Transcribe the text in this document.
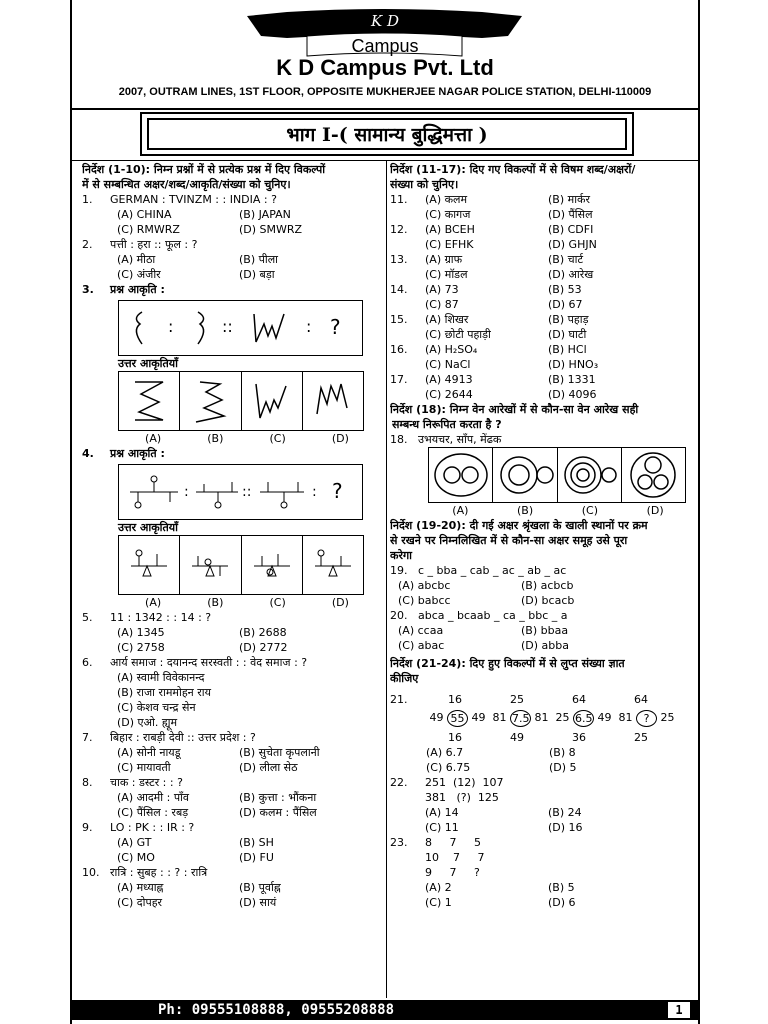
K D
Campus
K D Campus Pvt. Ltd
2007, OUTRAM LINES, 1ST FLOOR, OPPOSITE MUKHERJEE NAGAR POLICE STATION, DELHI-110009
भाग I-( सामान्य बुद्धिमत्ता )
निर्देश (1-10): निम्न प्रश्नों में से प्रत्येक प्रश्न में दिए विकल्पों
में से सम्बन्धित अक्षर/शब्द/आकृति/संख्या को चुनिए।
1.	GERMAN : TVINZM : : INDIA : ?
(A) CHINA	(B) JAPAN
(C) RMWRZ	(D) SMWRZ
2.	पत्ती : हरा :: फूल : ?
(A) मीठा	(B) पीला
(C) अंजीर	(D) बड़ा
3.	प्रश्न आकृति :
:	::	: ?
उत्तर आकृतियाँ
(A)	(B)	(C)	(D)
4.	प्रश्न आकृति :
:	::	: ?
उत्तर आकृतियाँ
(A)	(B)	(C)	(D)
5.	11 : 1342 : : 14 : ?
(A) 1345	(B) 2688
(C) 2758	(D) 2772
6.	आर्य समाज : दयानन्द सरस्वती : : वेद समाज : ?
(A) स्वामी विवेकानन्द
(B) राजा राममोहन राय
(C) केशव चन्द्र सेन
(D) एओ. ह्यूम
7.	बिहार : राबड़ी देवी :: उत्तर प्रदेश : ?
(A) सोनी नायडू	(B) सुचेता कृपलानी
(C) मायावती	(D) लीला सेठ
8.	चाक : डस्टर : : ?
(A) आदमी : पाँव	(B) कुत्ता : भौंकना
(C) पैंसिल : रबड़	(D) कलम : पैंसिल
9.	LO : PK : : IR : ?
(A) GT	(B) SH
(C) MO	(D) FU
10. रात्रि : सुबह : : ? : रात्रि
(A) मध्याह्न	(B) पूर्वाह्न
(C) दोपहर	(D) सायं
निर्देश (11-17): दिए गए विकल्पों में से विषम शब्द/अक्षरों/
संख्या को चुनिए।
11.	(A) कलम	(B) मार्कर
(C) कागज	(D) पैंसिल
12.	(A) BCEH	(B) CDFI
(C) EFHK	(D) GHJN
13.	(A) ग्राफ	(B) चार्ट
(C) मॉडल	(D) आरेख
14.	(A) 73	(B) 53
(C) 87	(D) 67
15.	(A) शिखर	(B) पहाड़
(C) छोटी पहाड़ी	(D) घाटी
16.	(A) H₂SO₄	(B) HCl
(C) NaCl	(D) HNO₃
17.	(A) 4913	(B) 1331
(C) 2644	(D) 4096
निर्देश (18): निम्न वेन आरेखों में से कौन-सा वेन आरेख सही
सम्बन्ध निरूपित करता है ?
18. उभयचर, साँप, मेंढक
(A)	(B)	(C)	(D)
निर्देश (19-20): दी गई अक्षर श्रृंखला के खाली स्थानों पर क्रम
से रखने पर निम्नलिखित में से कौन-सा अक्षर समूह उसे पूरा
करेगा
19. c _ bba _ cab _ ac _ ab _ ac
(A) abcbc	(B) acbcb
(C) babcc	(D) bcacb
20. abca _ bcaab _ ca _ bbc _ a
(A) ccaa	(B) bbaa
(C) abac	(D) abba
निर्देश (21-24): दिए हुए विकल्पों में से लुप्त संख्या ज्ञात
कीजिए
21.	16	25	64	64
49 55 49 81 7.5 81 25 6.5 49 81	?	25
16	49	36	25
(A) 6.7	(B) 8
(C) 6.75	(D) 5
22.	251  (12)  107
381   (?)  125
(A) 14	(B) 24
(C) 11	(D) 16
23.	8     7     5
10    7     7
9     7     ?
(A) 2	(B) 5
(C) 1	(D) 6
Ph: 09555108888, 09555208888	1
